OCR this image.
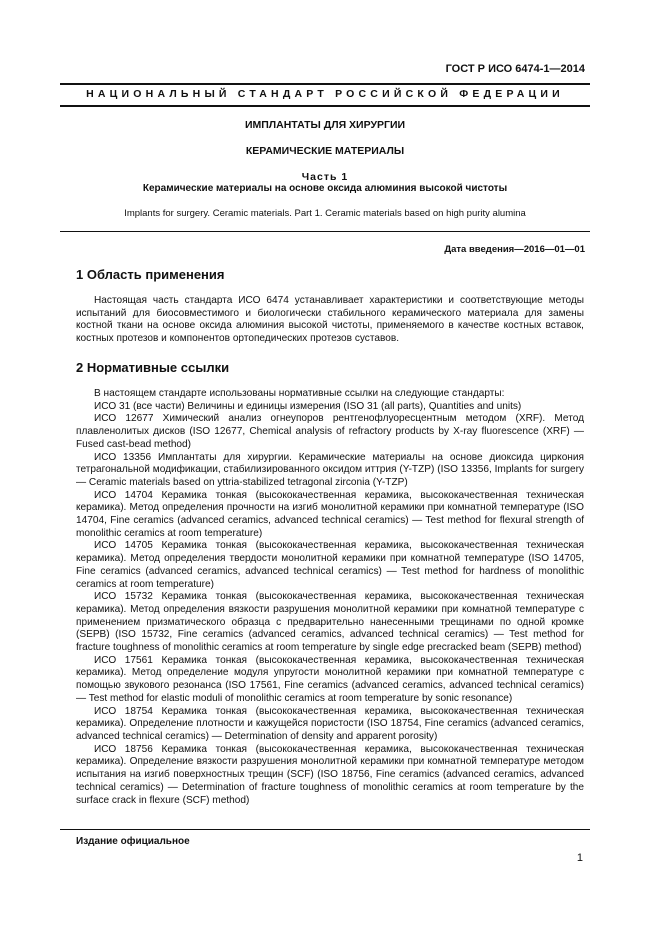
ГОСТ Р ИСО 6474-1—2014
НАЦИОНАЛЬНЫЙ СТАНДАРТ РОССИЙСКОЙ ФЕДЕРАЦИИ
ИМПЛАНТАТЫ ДЛЯ ХИРУРГИИ
КЕРАМИЧЕСКИЕ МАТЕРИАЛЫ
Часть 1
Керамические материалы на основе оксида алюминия высокой чистоты
Implants for surgery. Ceramic materials. Part 1. Ceramic materials based on high purity alumina
Дата введения—2016—01—01
1 Область применения

Настоящая часть стандарта ИСО 6474 устанавливает характеристики и соответствующие методы испытаний для биосовместимого и биологически стабильного керамического материала для замены костной ткани на основе оксида алюминия высокой чистоты, применяемого в качестве костных вставок, костных протезов и компонентов ортопедических протезов суставов.

2 Нормативные ссылки

В настоящем стандарте использованы нормативные ссылки на следующие стандарты:

ИСО 31 (все части) Величины и единицы измерения (ISO 31 (all parts), Quantities and units)

ИСО 12677 Химический анализ огнеупоров рентгенофлуоресцентным методом (XRF). Метод плавленолитых дисков (ISO 12677, Chemical analysis of refractory products by X-ray fluorescence (XRF) — Fused cast-bead method)

ИСО 13356 Имплантаты для хирургии. Керамические материалы на основе диоксида циркония тетрагональной модификации, стабилизированного оксидом иттрия (Y-TZP) (ISO 13356, Implants for surgery — Ceramic materials based on yttria-stabilized tetragonal zirconia (Y-TZP)

ИСО 14704 Керамика тонкая (высококачественная керамика, высококачественная техническая керамика). Метод определения прочности на изгиб монолитной керамики при комнатной температуре (ISO 14704, Fine ceramics (advanced ceramics, advanced technical ceramics) — Test method for flexural strength of monolithic ceramics at room temperature)

ИСО 14705 Керамика тонкая (высококачественная керамика, высококачественная техническая керамика). Метод определения твердости монолитной керамики при комнатной температуре (ISO 14705, Fine ceramics (advanced ceramics, advanced technical ceramics) — Test method for hardness of monolithic ceramics at room temperature)

ИСО 15732 Керамика тонкая (высококачественная керамика, высококачественная техническая керамика). Метод определения вязкости разрушения монолитной керамики при комнатной температуре с применением призматического образца с предварительно нанесенными трещинами по одной кромке (SEPB) (ISO 15732, Fine ceramics (advanced ceramics, advanced technical ceramics) — Test method for fracture toughness of monolithic ceramics at room temperature by single edge precracked beam (SEPB) method)

ИСО 17561 Керамика тонкая (высококачественная керамика, высококачественная техническая керамика). Метод определение модуля упругости монолитной керамики при комнатной температуре с помощью звукового резонанса (ISO 17561, Fine ceramics (advanced ceramics, advanced technical ceramics) — Test method for elastic moduli of monolithic ceramics at room temperature by sonic resonance)

ИСО 18754 Керамика тонкая (высококачественная керамика, высококачественная техническая керамика). Определение плотности и кажущейся пористости (ISO 18754, Fine ceramics (advanced ceramics, advanced technical ceramics) — Determination of density and apparent porosity)

ИСО 18756 Керамика тонкая (высококачественная керамика, высококачественная техническая керамика). Определение вязкости разрушения монолитной керамики при комнатной температуре методом испытания на изгиб поверхностных трещин (SCF) (ISO 18756, Fine ceramics (advanced ceramics, advanced technical ceramics) — Determination of fracture toughness of monolithic ceramics at room temperature by the surface crack in flexure (SCF) method)

Издание официальное
1
